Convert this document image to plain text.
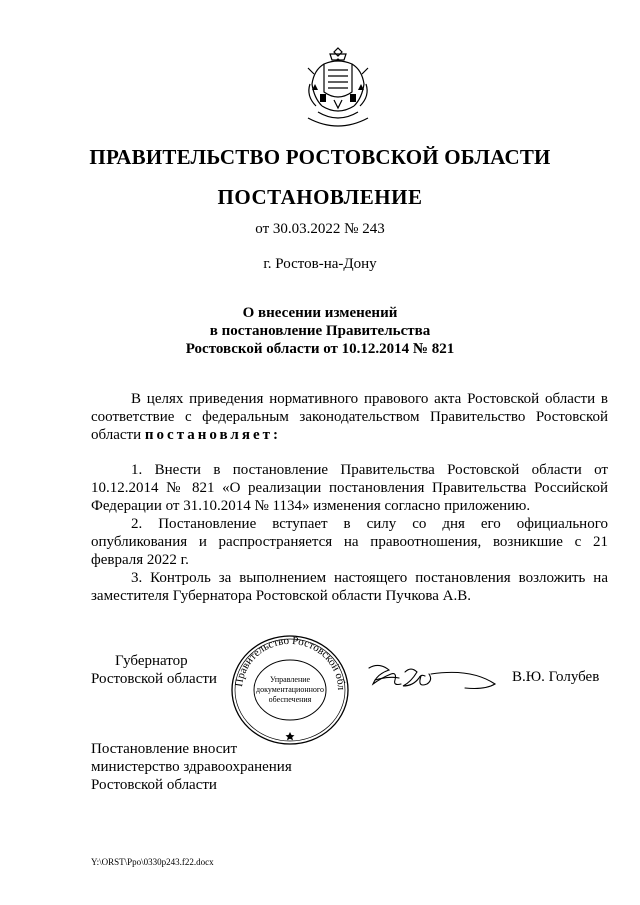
ПРАВИТЕЛЬСТВО РОСТОВСКОЙ ОБЛАСТИ
ПОСТАНОВЛЕНИЕ
от 30.03.2022 № 243
г. Ростов-на-Дону
О внесении изменений
в постановление Правительства
Ростовской области от 10.12.2014 № 821
В целях приведения нормативного правового акта Ростовской области в соответствие с федеральным законодательством Правительство Ростовской области постановляет:

1. Внести в постановление Правительства Ростовской области от 10.12.2014 № 821 «О реализации постановления Правительства Российской Федерации от 31.10.2014 № 1134» изменения согласно приложению.

2. Постановление вступает в силу со дня его официального опубликования и распространяется на правоотношения, возникшие с 21 февраля 2022 г.

3. Контроль за выполнением настоящего постановления возложить на заместителя Губернатора Ростовской области Пучкова А.В.

Губернатор
Ростовской области	Правительство Ростовской обл
Управление
документационного
обеспечения
В.Ю. Голубев
Постановление вносит
министерство здравоохранения
Ростовской области
Y:\ORST\Ppo\0330p243.f22.docx
